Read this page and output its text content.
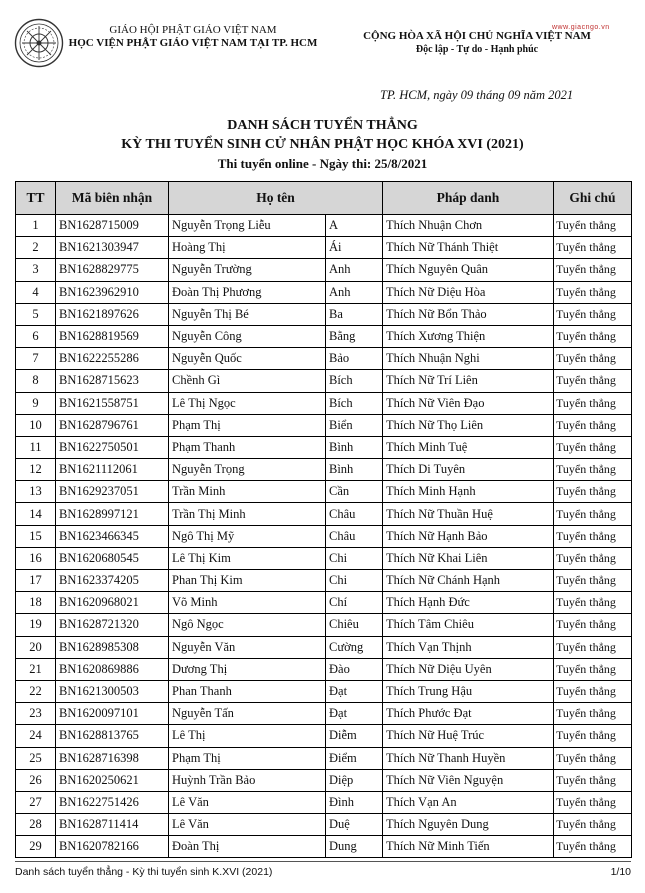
GIÁO HỘI PHẬT GIÁO VIỆT NAM
HỌC VIỆN PHẬT GIÁO VIỆT NAM TẠI TP. HCM
www.giacngo.vn
CỘNG HÒA XÃ HỘI CHỦ NGHĨA VIỆT NAM
Độc lập - Tự do - Hạnh phúc
TP. HCM, ngày 09 tháng 09 năm 2021
DANH SÁCH TUYỂN THẲNG
KỲ THI TUYỂN SINH CỬ NHÂN PHẬT HỌC KHÓA XVI (2021)
Thi tuyển online - Ngày thi: 25/8/2021
TT	Mã biên nhận	Họ tên		Pháp danh	Ghi chú
1	BN1628715009	Nguyễn Trọng Liễu	A	Thích Nhuận Chơn	Tuyển thẳng
2	BN1621303947	Hoàng Thị	Ái	Thích Nữ Thánh Thiệt	Tuyển thẳng
3	BN1628829775	Nguyễn Trường	Anh	Thích Nguyên Quân	Tuyển thẳng
4	BN1623962910	Đoàn Thị Phương	Anh	Thích Nữ Diệu Hòa	Tuyển thẳng
5	BN1621897626	Nguyễn Thị Bé	Ba	Thích Nữ Bổn Thảo	Tuyển thẳng
6	BN1628819569	Nguyễn Công	Bằng	Thích Xương Thiện	Tuyển thẳng
7	BN1622255286	Nguyễn Quốc	Bảo	Thích Nhuận Nghi	Tuyển thẳng
8	BN1628715623	Chềnh Gì	Bích	Thích Nữ Trí Liên	Tuyển thẳng
9	BN1621558751	Lê Thị Ngọc	Bích	Thích Nữ Viên Đạo	Tuyển thẳng
10	BN1628796761	Phạm Thị	Biển	Thích Nữ Thọ Liên	Tuyển thẳng
11	BN1622750501	Phạm Thanh	Bình	Thích Minh Tuệ	Tuyển thẳng
12	BN1621112061	Nguyễn Trọng	Bình	Thích Di Tuyên	Tuyển thẳng
13	BN1629237051	Trần Minh	Cần	Thích Minh Hạnh	Tuyển thẳng
14	BN1628997121	Trần Thị Minh	Châu	Thích Nữ Thuần Huệ	Tuyển thẳng
15	BN1623466345	Ngô Thị Mỹ	Châu	Thích Nữ Hạnh Bảo	Tuyển thẳng
16	BN1620680545	Lê Thị Kim	Chi	Thích Nữ Khai Liên	Tuyển thẳng
17	BN1623374205	Phan Thị Kim	Chi	Thích Nữ Chánh Hạnh	Tuyển thẳng
18	BN1620968021	Võ Minh	Chí	Thích Hạnh Đức	Tuyển thẳng
19	BN1628721320	Ngô Ngọc	Chiêu	Thích Tâm Chiêu	Tuyển thẳng
20	BN1628985308	Nguyễn Văn	Cường	Thích Vạn Thịnh	Tuyển thẳng
21	BN1620869886	Dương Thị	Đào	Thích Nữ Diệu Uyên	Tuyển thẳng
22	BN1621300503	Phan Thanh	Đạt	Thích Trung Hậu	Tuyển thẳng
23	BN1620097101	Nguyễn Tấn	Đạt	Thích Phước Đạt	Tuyển thẳng
24	BN1628813765	Lê Thị	Diễm	Thích Nữ Huệ Trúc	Tuyển thẳng
25	BN1628716398	Phạm Thị	Điểm	Thích Nữ Thanh Huyền	Tuyển thẳng
26	BN1620250621	Huỳnh Trần Bảo	Diệp	Thích Nữ Viên Nguyện	Tuyển thẳng
27	BN1622751426	Lê Văn	Đình	Thích Vạn An	Tuyển thẳng
28	BN1628711414	Lê Văn	Duệ	Thích Nguyên Dung	Tuyển thẳng
29	BN1620782166	Đoàn Thị	Dung	Thích Nữ Minh Tiến	Tuyển thẳng
Danh sách tuyển thẳng - Kỳ thi tuyển sinh K.XVI (2021)	1/10
